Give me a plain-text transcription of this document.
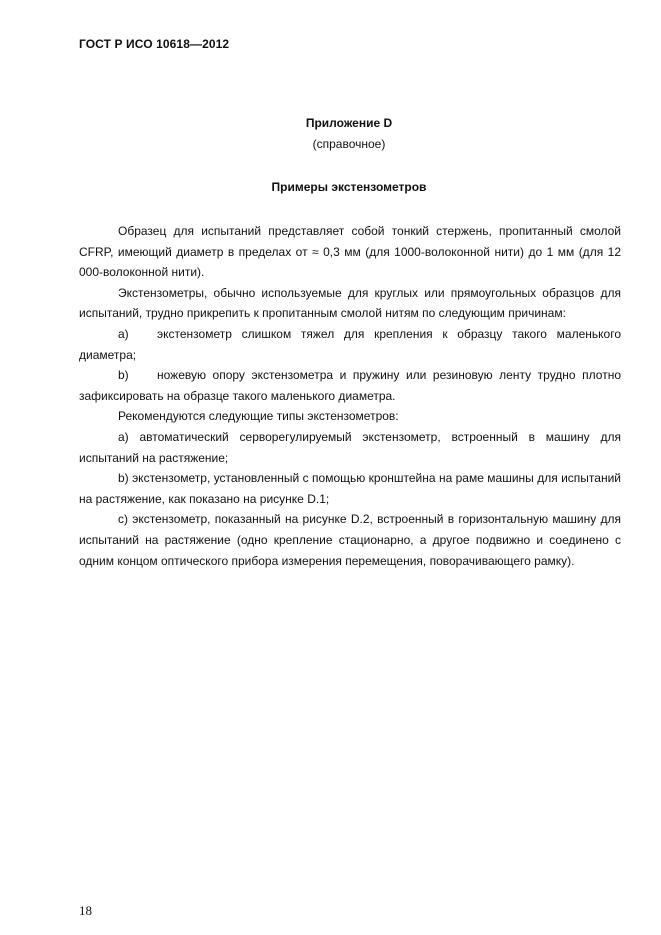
ГОСТ Р ИСО 10618—2012
Приложение D
(справочное)
Примеры экстензометров

Образец для испытаний представляет собой тонкий стержень, пропитанный смолой CFRP, имеющий диаметр в пределах от ≈ 0,3 мм (для 1000-волоконной нити) до 1 мм (для 12 000-волоконной нити).

Экстензометры, обычно используемые для круглых или прямоугольных образцов для испытаний, трудно прикрепить к пропитанным смолой нитям по следующим причинам:

а) экстензометр слишком тяжел для крепления к образцу такого маленького диаметра;

b) ножевую опору экстензометра и пружину или резиновую ленту трудно плотно зафиксировать на образце такого маленького диаметра.

Рекомендуются следующие типы экстензометров:

а) автоматический сервоpегулируемый экстензометр, встроенный в машину для испытаний на растяжение;

b) экстензометр, установленный с помощью кронштейна на раме машины для испытаний на растяжение, как показано на рисунке D.1;

с) экстензометр, показанный на рисунке D.2, встроенный в горизонтальную машину для испытаний на растяжение (одно крепление стационарно, а другое подвижно и соединено с одним концом оптического прибора измерения перемещения, поворачивающего рамку).

18
